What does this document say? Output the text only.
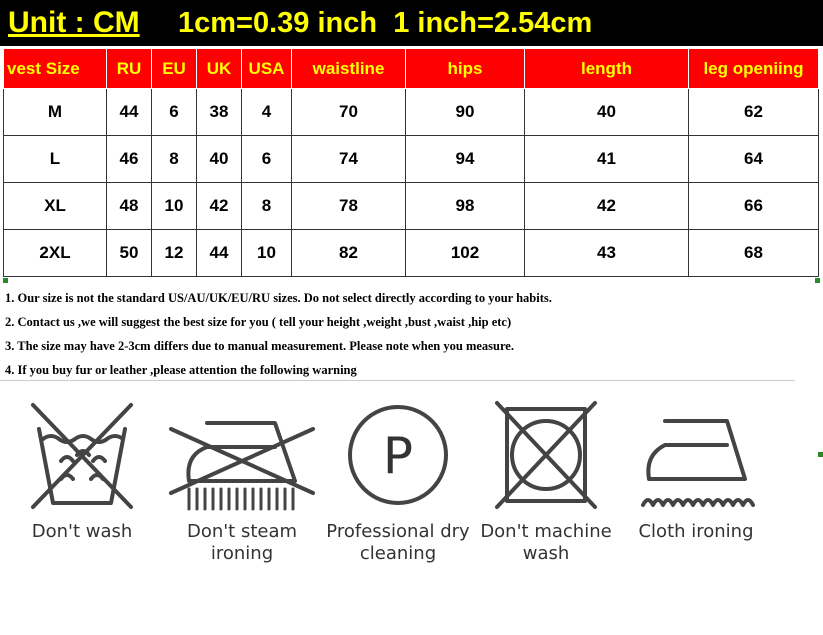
Unit : CM 1cm=0.39 inch  1 inch=2.54cm
vest Size	RU	EU	UK	USA	waistline	hips	length	leg openiing
M	44	6	38	4	70	90	40	62
L	46	8	40	6	74	94	41	64
XL	48	10	42	8	78	98	42	66
2XL	50	12	44	10	82	102	43	68
1. Our size is not the standard US/AU/UK/EU/RU sizes. Do not select directly according to your habits.
2. Contact us ,we will suggest the best size for you ( tell your height ,weight ,bust ,waist ,hip etc)
3. The size may have 2-3cm differs due to manual measurement. Please note when you measure.
4. If you buy fur or leather ,please attention the following warning
Don't wash	Don't steam
ironing
P
Professional dry
cleaning
Don't machine
wash
Cloth ironing
